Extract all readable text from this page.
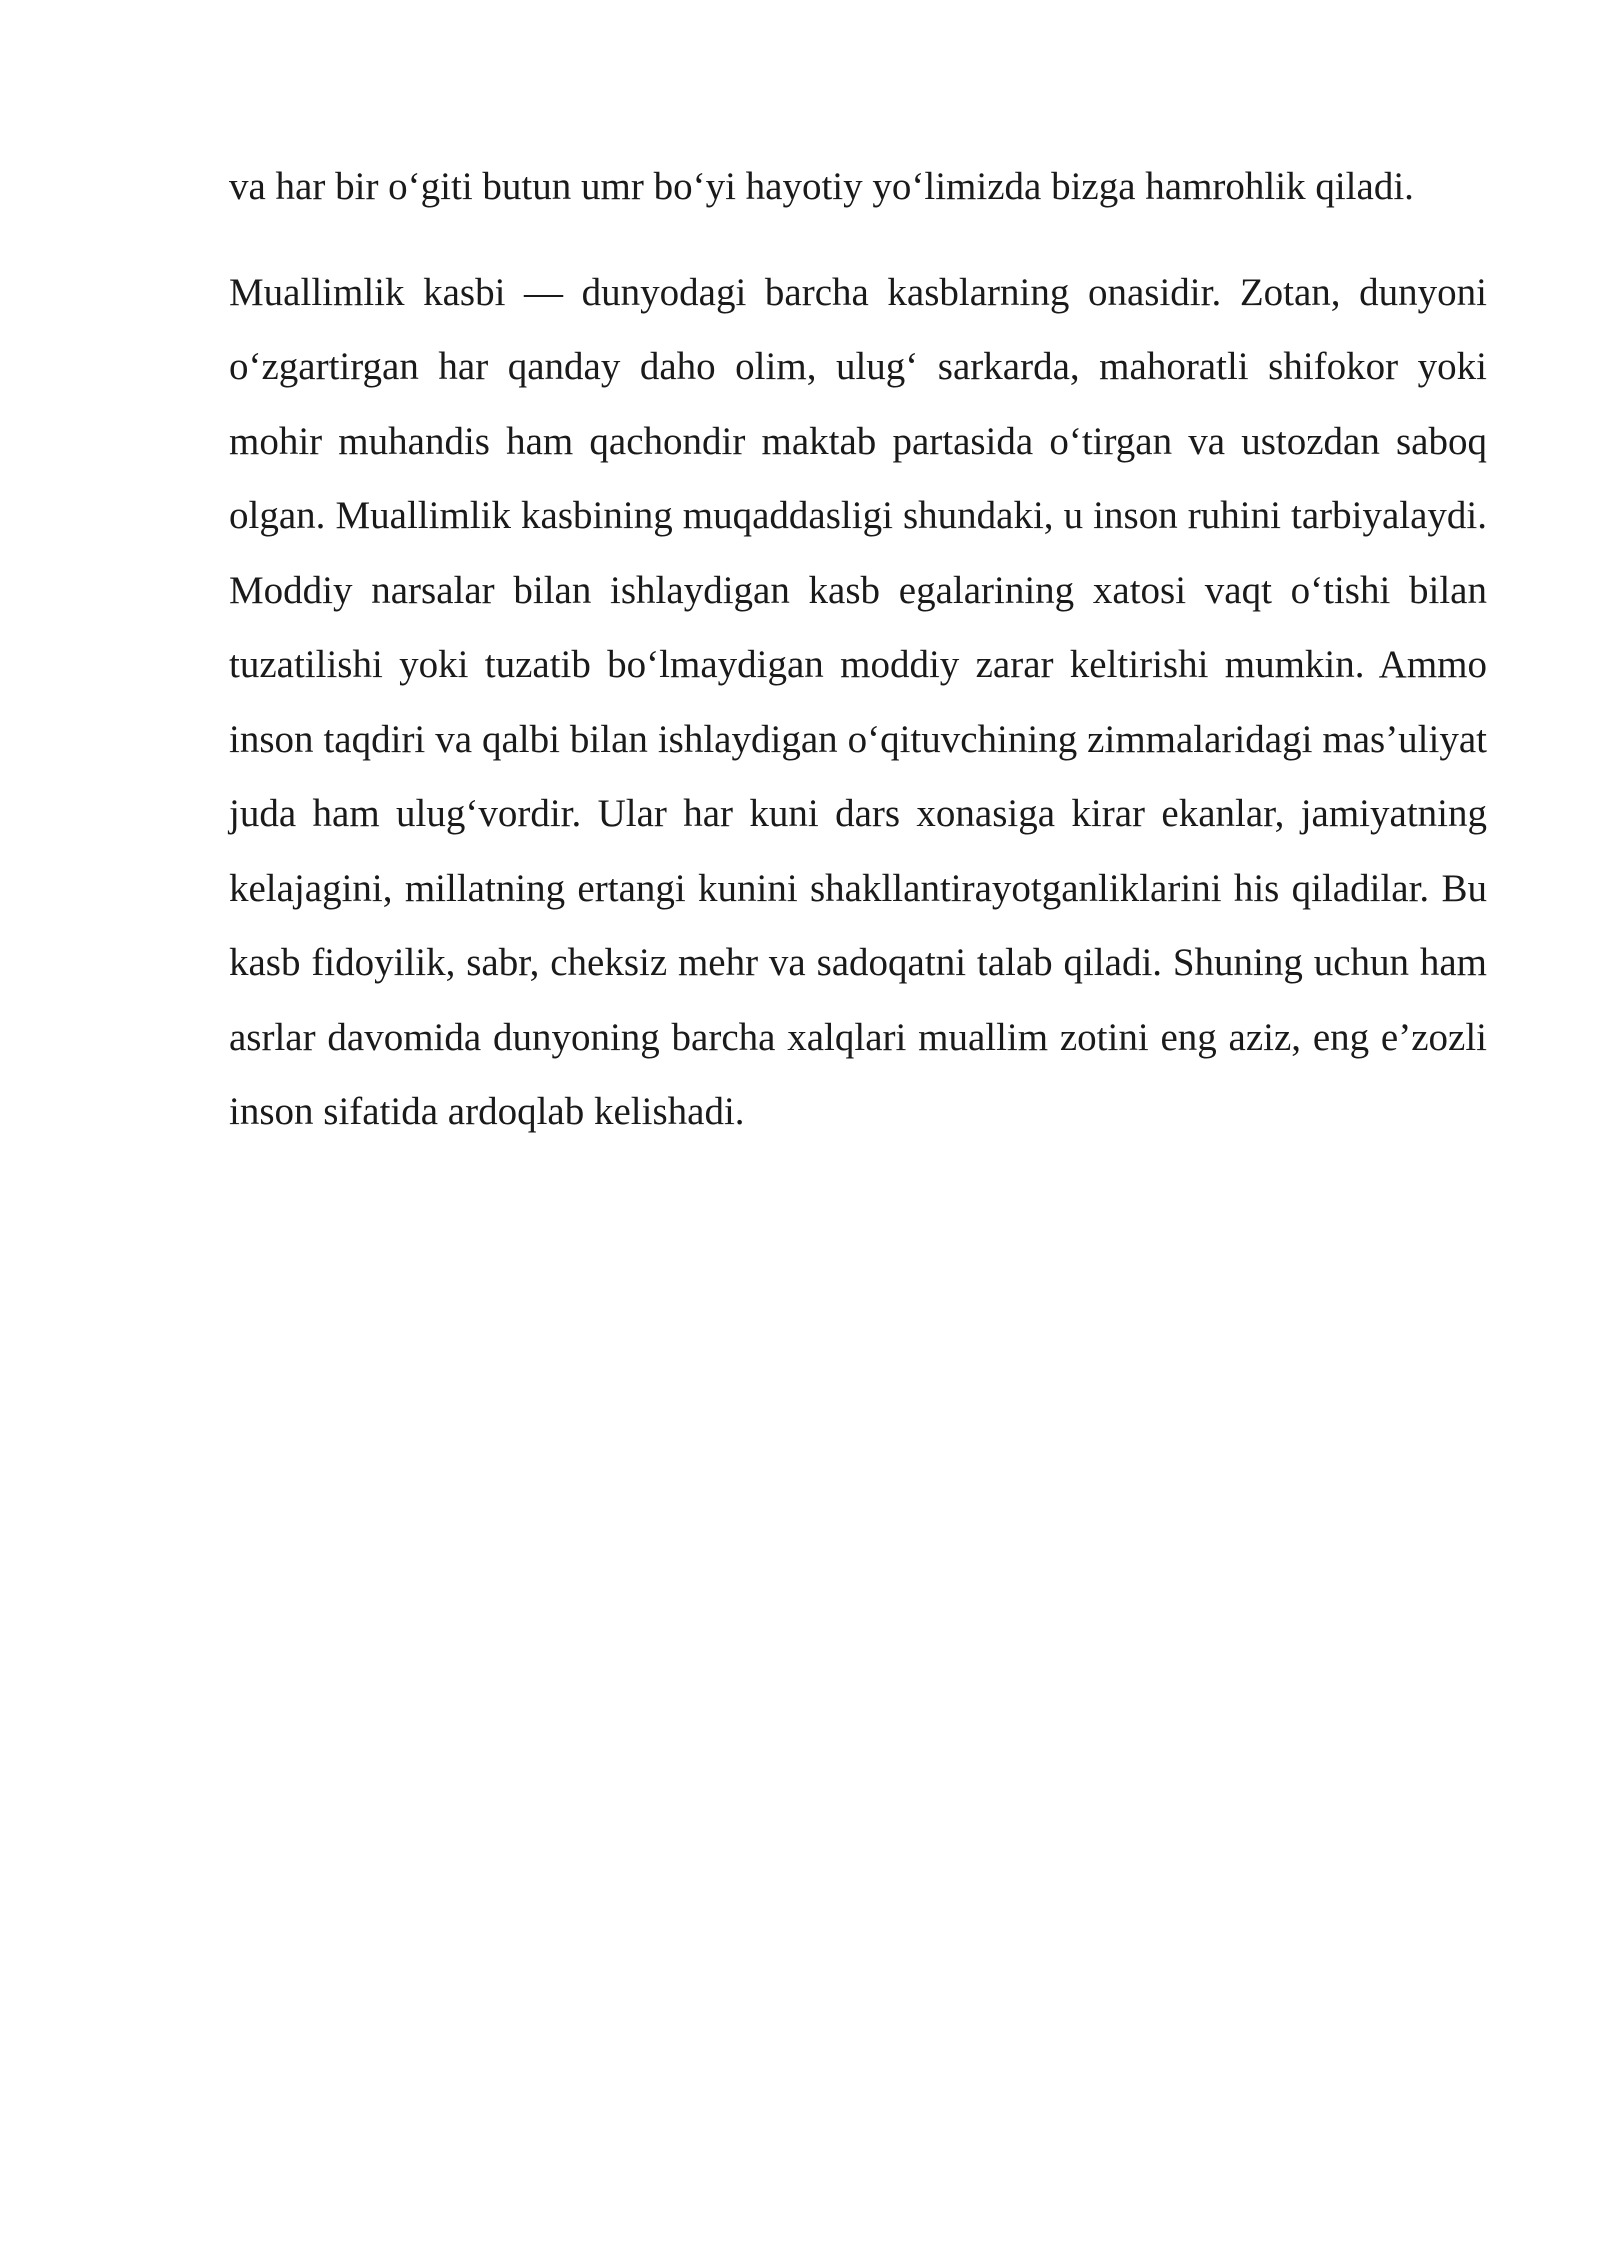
va har bir o‘giti butun umr bo‘yi hayotiy yo‘limizda bizga hamrohlik qiladi.

Muallimlik kasbi — dunyodagi barcha kasblarning onasidir. Zotan, dunyoni o‘zgartirgan har qanday daho olim, ulug‘ sarkarda, mahoratli shifokor yoki mohir muhandis ham qachondir maktab partasida o‘tirgan va ustozdan saboq olgan. Muallimlik kasbining muqaddasligi shundaki, u inson ruhini tarbiyalaydi. Moddiy narsalar bilan ishlaydigan kasb egalarining xatosi vaqt o‘tishi bilan tuzatilishi yoki tuzatib bo‘lmaydigan moddiy zarar keltirishi mumkin. Ammo inson taqdiri va qalbi bilan ishlaydigan o‘qituvchining zimmalaridagi mas’uliyat juda ham ulug‘vordir. Ular har kuni dars xonasiga kirar ekanlar, jamiyatning kelajagini, millatning ertangi kunini shakllantirayotganliklarini his qiladilar. Bu kasb fidoyilik, sabr, cheksiz mehr va sadoqatni talab qiladi. Shuning uchun ham asrlar davomida dunyoning barcha xalqlari muallim zotini eng aziz, eng e’zozli inson sifatida ardoqlab kelishadi.
